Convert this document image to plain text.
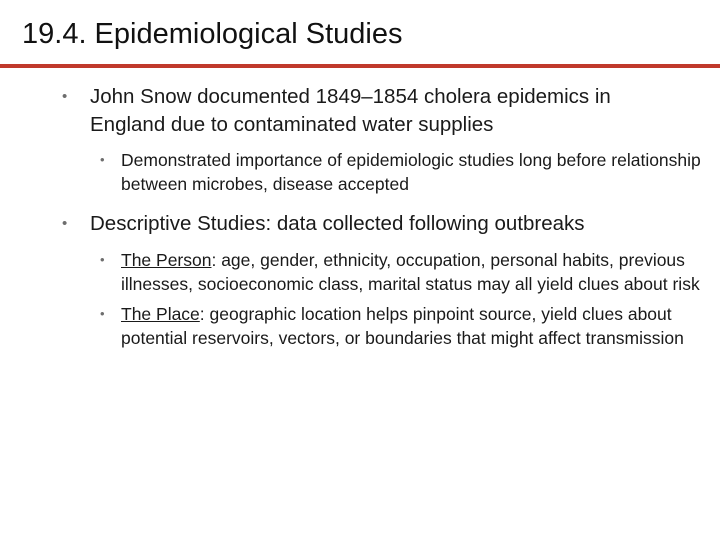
19.4. Epidemiological Studies

• John Snow documented 1849–1854 cholera epidemics in England due to contaminated water supplies

• Demonstrated importance of epidemiologic studies long before relationship between microbes, disease accepted

• Descriptive Studies: data collected following outbreaks

• The Person: age, gender, ethnicity, occupation, personal habits, previous illnesses, socioeconomic class, marital status may all yield clues about risk

• The Place: geographic location helps pinpoint source, yield clues about potential reservoirs, vectors, or boundaries that might affect transmission
